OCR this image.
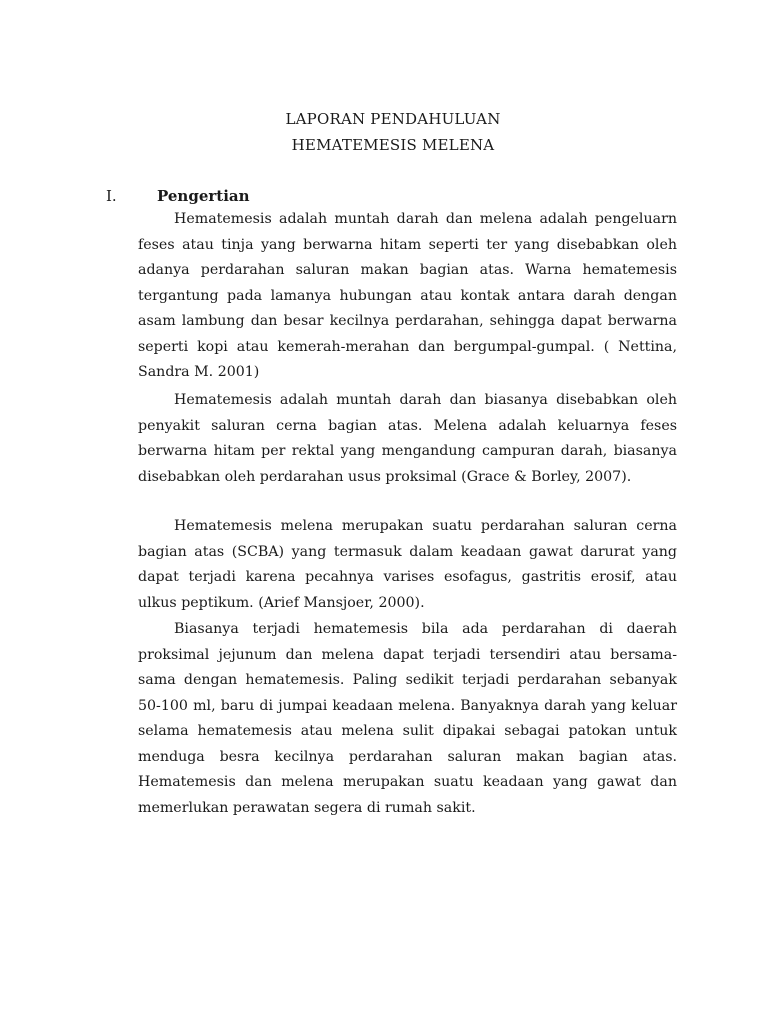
LAPORAN PENDAHULUAN
HEMATEMESIS MELENA
I.	Pengertian

Hematemesis adalah muntah darah dan melena adalah pengeluarn feses atau tinja yang berwarna hitam seperti ter yang disebabkan oleh adanya perdarahan saluran makan bagian atas. Warna hematemesis tergantung pada lamanya hubungan atau kontak antara darah dengan asam lambung dan besar kecilnya perdarahan, sehingga dapat berwarna seperti kopi atau kemerah-merahan dan bergumpal-gumpal. ( Nettina, Sandra M. 2001)

Hematemesis adalah muntah darah dan biasanya disebabkan oleh penyakit saluran cerna bagian atas. Melena adalah keluarnya feses berwarna hitam per rektal yang mengandung campuran darah, biasanya disebabkan oleh perdarahan usus proksimal (Grace & Borley, 2007).

Hematemesis melena merupakan suatu perdarahan saluran cerna bagian atas (SCBA) yang termasuk dalam keadaan gawat darurat yang dapat terjadi karena pecahnya varises esofagus, gastritis erosif, atau ulkus peptikum. (Arief Mansjoer, 2000).

Biasanya terjadi hematemesis bila ada perdarahan di daerah proksimal jejunum dan melena dapat terjadi tersendiri atau bersama-sama dengan hematemesis. Paling sedikit terjadi perdarahan sebanyak 50-100 ml, baru di jumpai keadaan melena. Banyaknya darah yang keluar selama hematemesis atau melena sulit dipakai sebagai patokan untuk menduga besra kecilnya perdarahan saluran makan bagian atas. Hematemesis dan melena merupakan suatu keadaan yang gawat dan memerlukan perawatan segera di rumah sakit.
